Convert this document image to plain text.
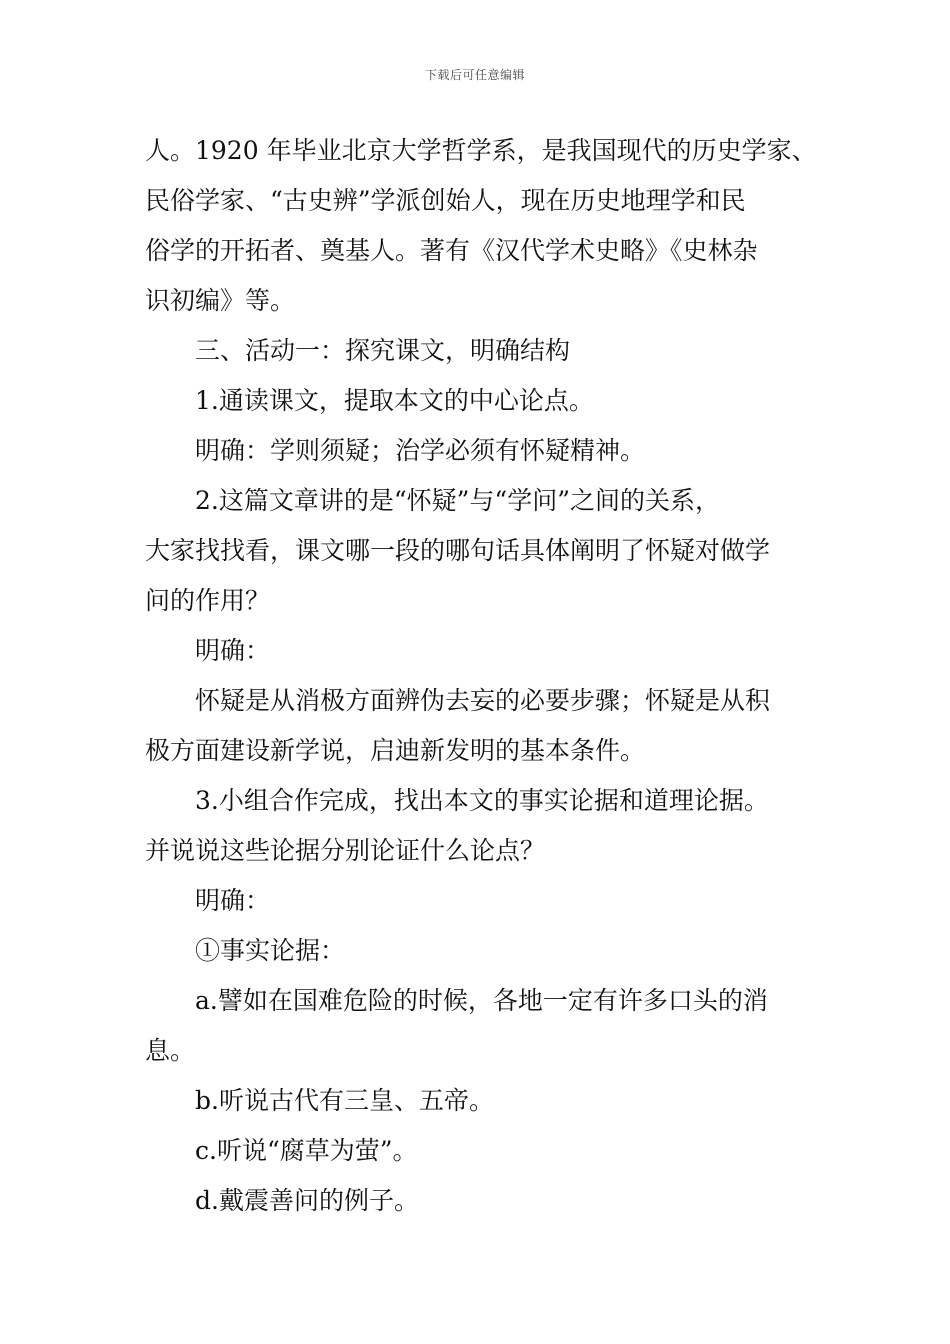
下载后可任意编辑
人。1920 年毕业北京大学哲学系，是我国现代的历史学家、
民俗学家、“古史辨”学派创始人，现在历史地理学和民
俗学的开拓者、奠基人。著有《汉代学术史略》《史林杂
识初编》等。
三、活动一：探究课文，明确结构
1.通读课文，提取本文的中心论点。
明确：学则须疑；治学必须有怀疑精神。
2.这篇文章讲的是“怀疑”与“学问”之间的关系，
大家找找看，课文哪一段的哪句话具体阐明了怀疑对做学
问的作用？
明确：
怀疑是从消极方面辨伪去妄的必要步骤；怀疑是从积
极方面建设新学说，启迪新发明的基本条件。
3.小组合作完成，找出本文的事实论据和道理论据。
并说说这些论据分别论证什么论点？
明确：
①事实论据：
a.譬如在国难危险的时候，各地一定有许多口头的消
息。
b.听说古代有三皇、五帝。
c.听说“腐草为萤”。
d.戴震善问的例子。
